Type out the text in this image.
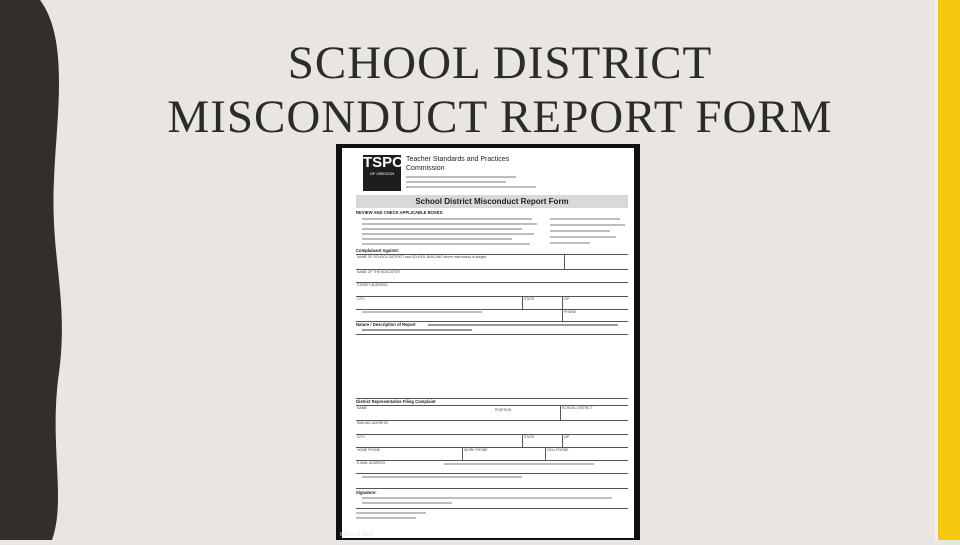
SCHOOL DISTRICT
MISCONDUCT REPORT FORM
TSPC
OF OREGON
Teacher Standards and Practices
Commission
School District Misconduct Report Form
REVIEW AND CHECK APPLICABLE BOXES:
Complainant Against:
NAME OF SCHOOL DISTRICT and SCHOOL BUILDING where misconduct is alleged
NAME OF THE EDUCATOR
STREET ADDRESS
CITY	STATE	ZIP
PHONE
Nature / Description of Report
District Representative Filing Complaint
NAME	POSITION	SCHOOL DISTRICT
MAILING ADDRESS
CITY	STATE	ZIP
HOME PHONE	WORK PHONE	CELL PHONE
E-MAIL ADDRESS
Signature:
8.50 x 13.00 in
